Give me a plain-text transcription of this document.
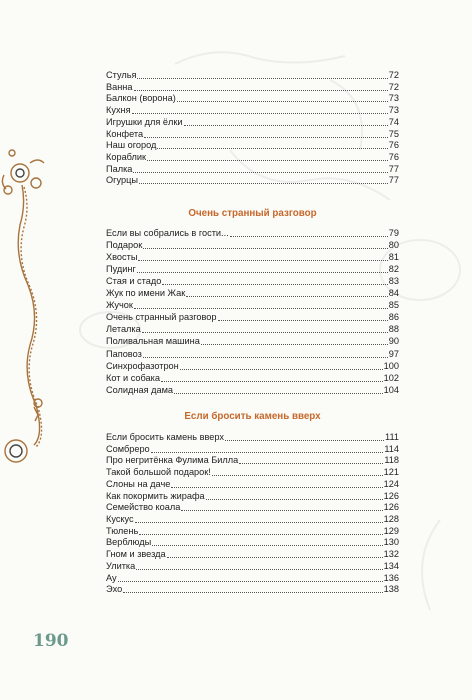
Стулья	72
Ванна	72
Балкон (ворона)	73
Кухня	73
Игрушки для ёлки	74
Конфета	75
Наш огород	76
Кораблик	76
Палка	77
Огурцы	77
Очень странный разговор
Если вы собрались в гости...	79
Подарок	80
Хвосты	81
Пудинг	82
Стая и стадо	83
Жук по имени Жак	84
Жучок	85
Очень странный разговор	86
Леталка	88
Поливальная машина	90
Паповоз	97
Синхрофазотрон	100
Кот и собака	102
Солидная дама	104
Если бросить камень вверх
Если бросить камень вверх	111
Сомбреро	114
Про негритёнка Фулима Билла	118
Такой большой подарок!	121
Слоны на даче	124
Как покормить жирафа	126
Семейство коала	126
Кускус	128
Тюлень	129
Верблюды	130
Гном и звезда	132
Улитка	134
Ау	136
Эхо	138
190
